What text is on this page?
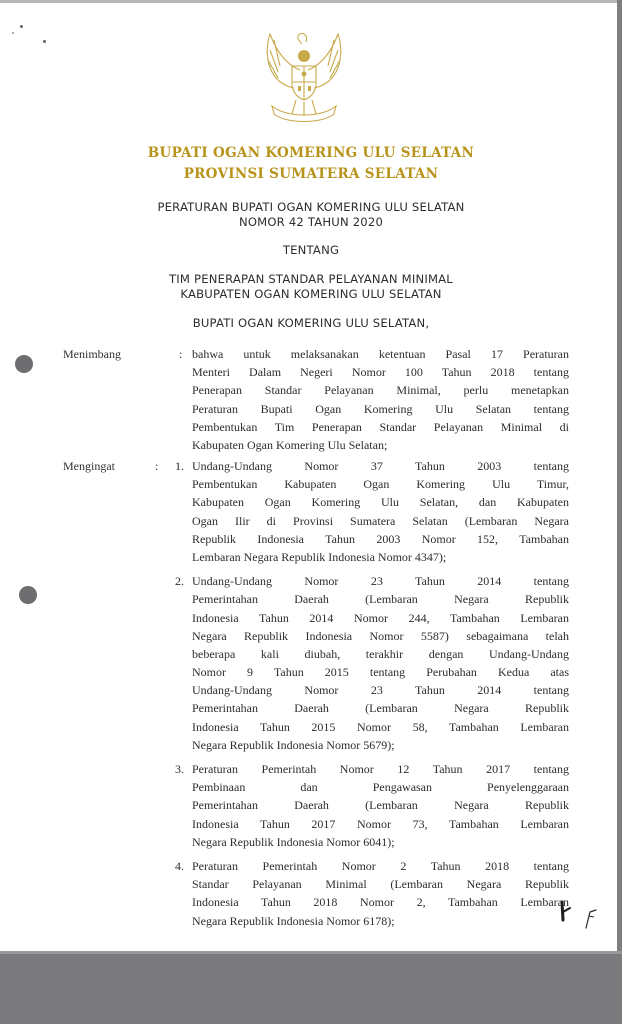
BUPATI OGAN KOMERING ULU SELATAN
PROVINSI SUMATERA SELATAN
PERATURAN BUPATI OGAN KOMERING ULU SELATAN
NOMOR 42 TAHUN 2020
TENTANG
TIM PENERAPAN STANDAR PELAYANAN MINIMAL
KABUPATEN OGAN KOMERING ULU SELATAN
BUPATI OGAN KOMERING ULU SELATAN,
Menimbang	: bahwa untuk melaksanakan ketentuan Pasal 17 Peraturan
Menteri Dalam Negeri Nomor 100 Tahun 2018 tentang
Penerapan Standar Pelayanan Minimal, perlu menetapkan
Peraturan Bupati Ogan Komering Ulu Selatan tentang
Pembentukan Tim Penerapan Standar Pelayanan Minimal di
Kabupaten Ogan Komering Ulu Selatan;
Mengingat	: 1. Undang-Undang Nomor 37 Tahun 2003 tentang
Pembentukan Kabupaten Ogan Komering Ulu Timur,
Kabupaten Ogan Komering Ulu Selatan, dan Kabupaten
Ogan Ilir di Provinsi Sumatera Selatan (Lembaran Negara
Republik Indonesia Tahun 2003 Nomor 152, Tambahan
Lembaran Negara Republik Indonesia Nomor 4347);
2. Undang-Undang Nomor 23 Tahun 2014 tentang
Pemerintahan Daerah (Lembaran Negara Republik
Indonesia Tahun 2014 Nomor 244, Tambahan Lembaran
Negara Republik Indonesia Nomor 5587) sebagaimana telah
beberapa kali diubah, terakhir dengan Undang-Undang
Nomor 9 Tahun 2015 tentang Perubahan Kedua atas
Undang-Undang Nomor 23 Tahun 2014 tentang
Pemerintahan Daerah (Lembaran Negara Republik
Indonesia Tahun 2015 Nomor 58, Tambahan Lembaran
Negara Republik Indonesia Nomor 5679);
3. Peraturan Pemerintah Nomor 12 Tahun 2017 tentang
Pembinaan dan Pengawasan Penyelenggaraan
Pemerintahan Daerah (Lembaran Negara Republik
Indonesia Tahun 2017 Nomor 73, Tambahan Lembaran
Negara Republik Indonesia Nomor 6041);
4. Peraturan Pemerintah Nomor 2 Tahun 2018 tentang
Standar Pelayanan Minimal (Lembaran Negara Republik
Indonesia Tahun 2018 Nomor 2, Tambahan Lembaran
Negara Republik Indonesia Nomor 6178);
